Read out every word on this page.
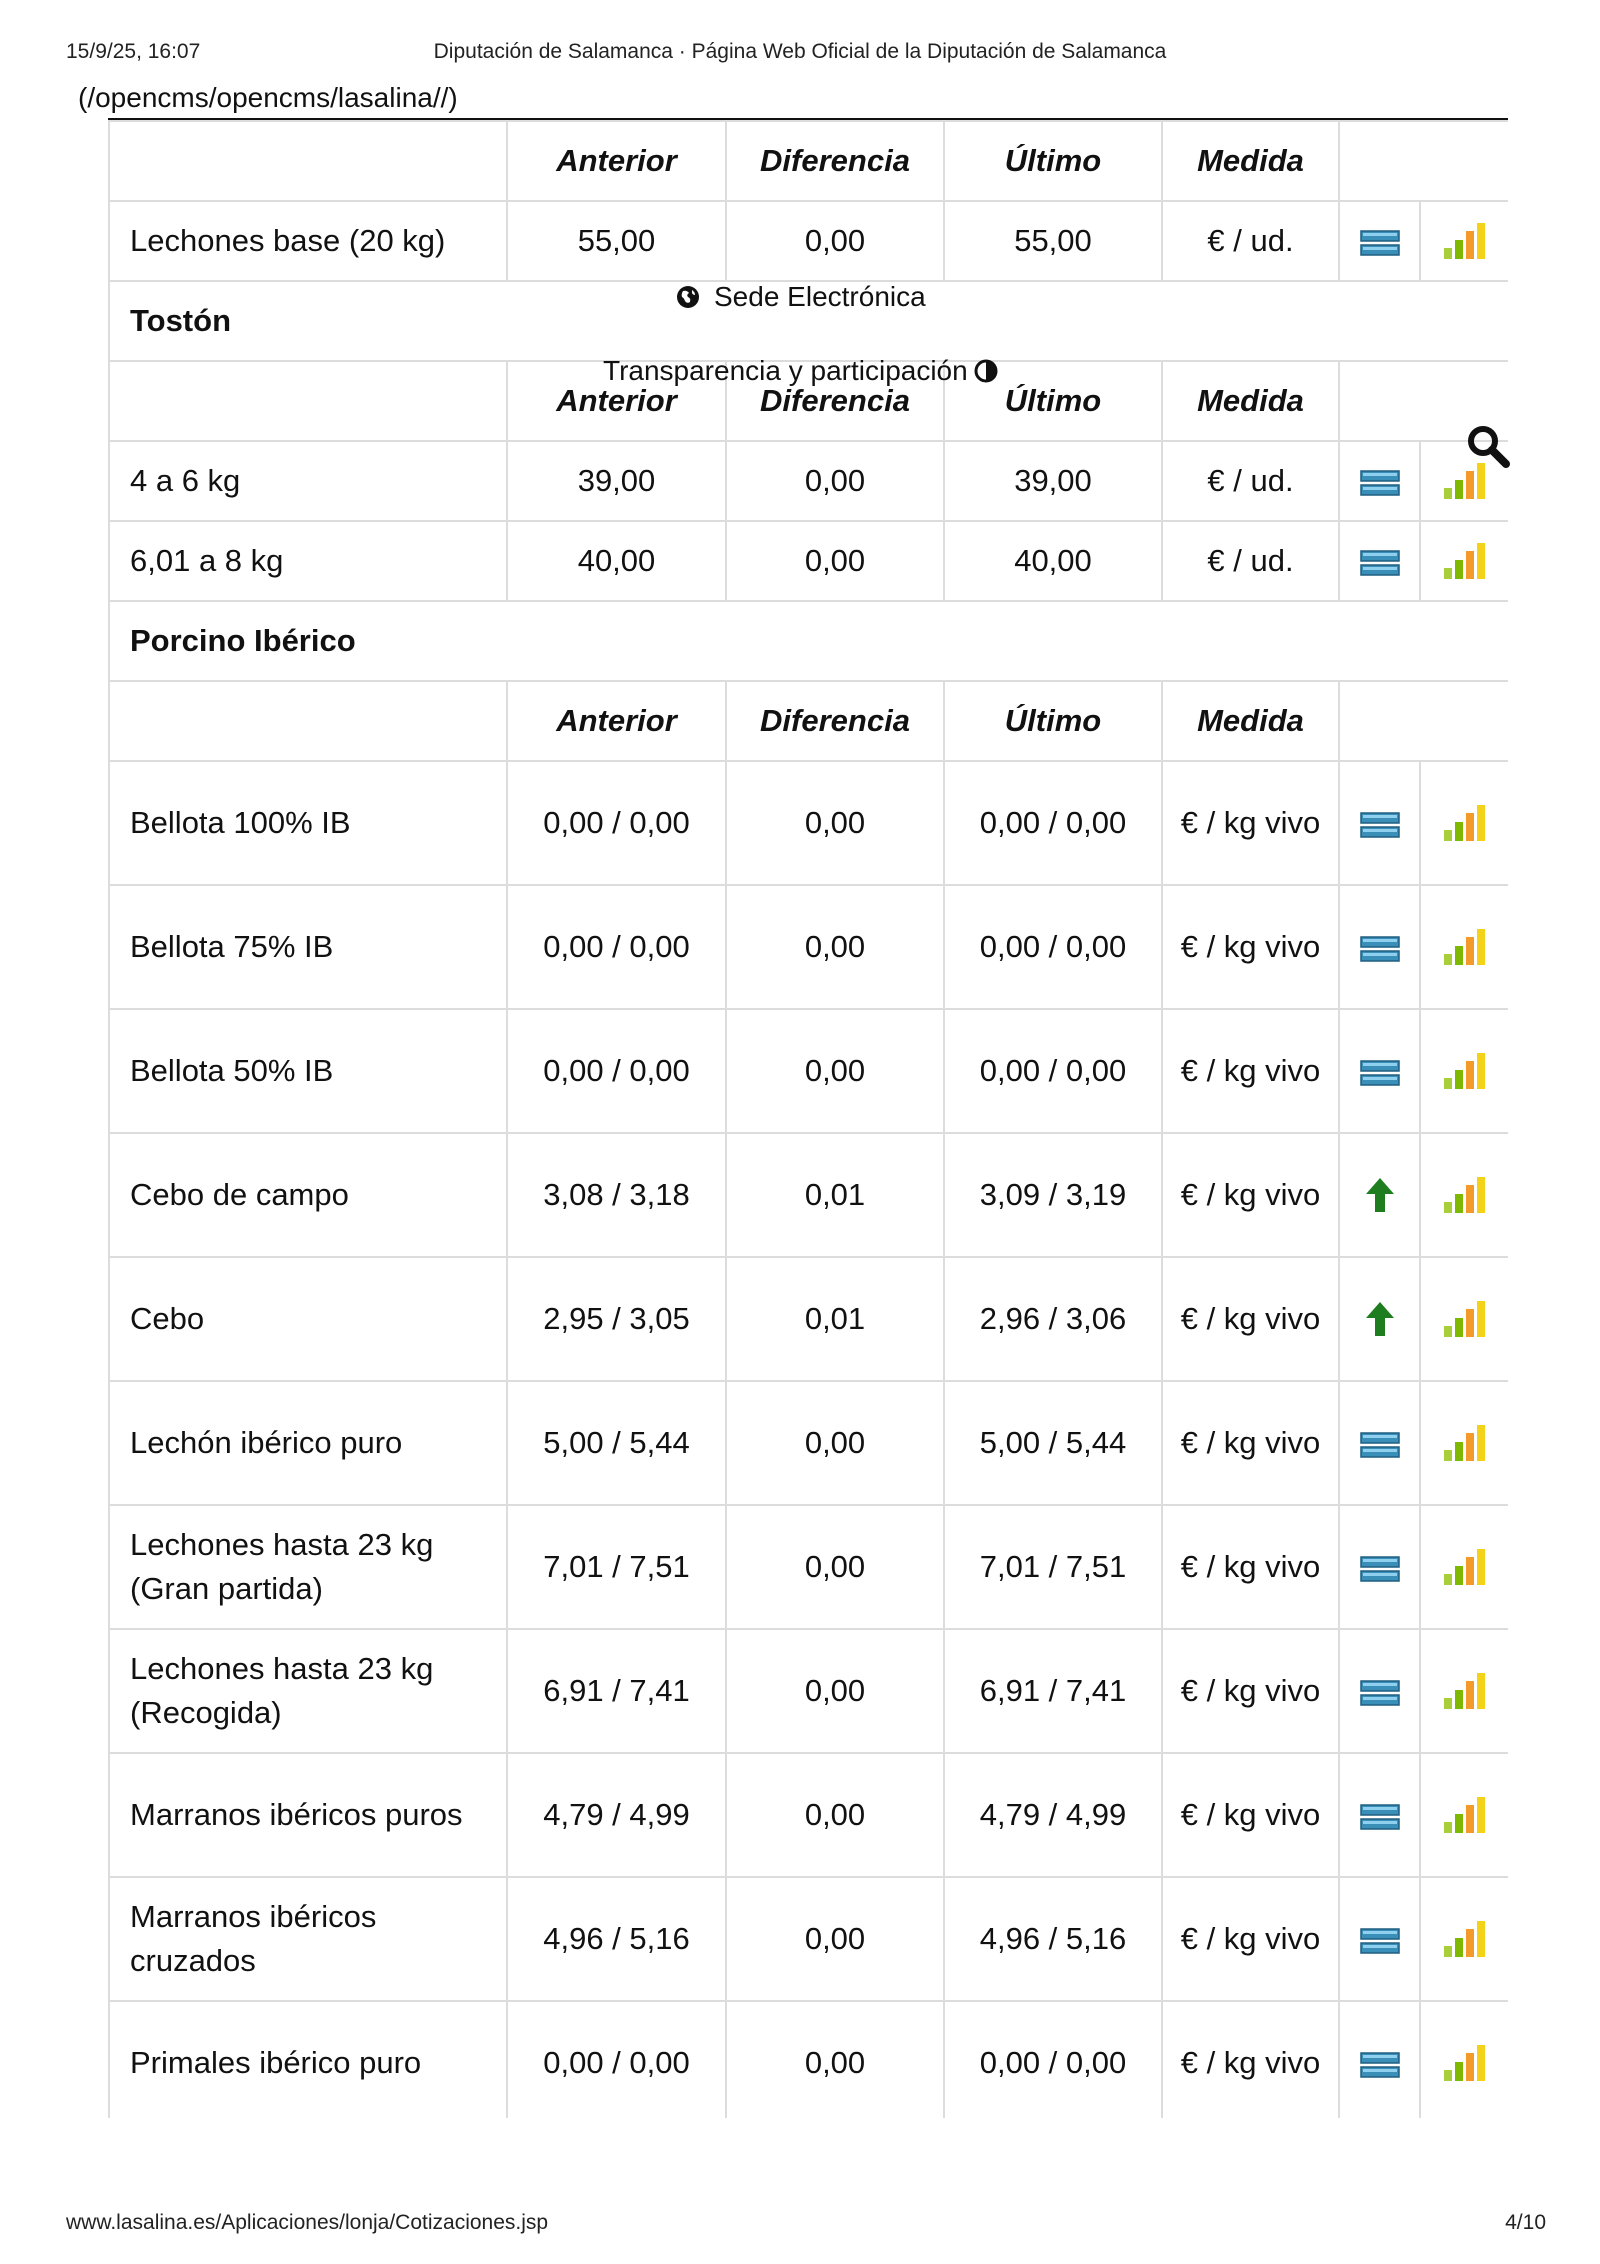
15/9/25, 16:07	Diputación de Salamanca · Página Web Oficial de la Diputación de Salamanca
(/opencms/opencms/lasalina//)
	Anterior	Diferencia	Último	Medida		
Lechones base (20 kg)	55,00	0,00	55,00	€ / ud.		
Tostón						
	Anterior	Diferencia	Último	Medida		
4 a 6 kg	39,00	0,00	39,00	€ / ud.		
6,01 a 8 kg	40,00	0,00	40,00	€ / ud.		
Porcino Ibérico						
	Anterior	Diferencia	Último	Medida		
Bellota 100% IB	0,00 / 0,00	0,00	0,00 / 0,00	€ / kg vivo		
Bellota 75% IB	0,00 / 0,00	0,00	0,00 / 0,00	€ / kg vivo		
Bellota 50% IB	0,00 / 0,00	0,00	0,00 / 0,00	€ / kg vivo		
Cebo de campo	3,08 / 3,18	0,01	3,09 / 3,19	€ / kg vivo		
Cebo	2,95 / 3,05	0,01	2,96 / 3,06	€ / kg vivo		
Lechón ibérico puro	5,00 / 5,44	0,00	5,00 / 5,44	€ / kg vivo		
Lechones hasta 23 kg (Gran partida)	7,01 / 7,51	0,00	7,01 / 7,51	€ / kg vivo		
Lechones hasta 23 kg (Recogida)	6,91 / 7,41	0,00	6,91 / 7,41	€ / kg vivo		
Marranos ibéricos puros	4,79 / 4,99	0,00	4,79 / 4,99	€ / kg vivo		
Marranos ibéricos cruzados	4,96 / 5,16	0,00	4,96 / 5,16	€ / kg vivo		
Primales ibérico puro	0,00 / 0,00	0,00	0,00 / 0,00	€ / kg vivo		
Sede Electrónica
Transparencia y participación
www.lasalina.es/Aplicaciones/lonja/Cotizaciones.jsp	4/10
